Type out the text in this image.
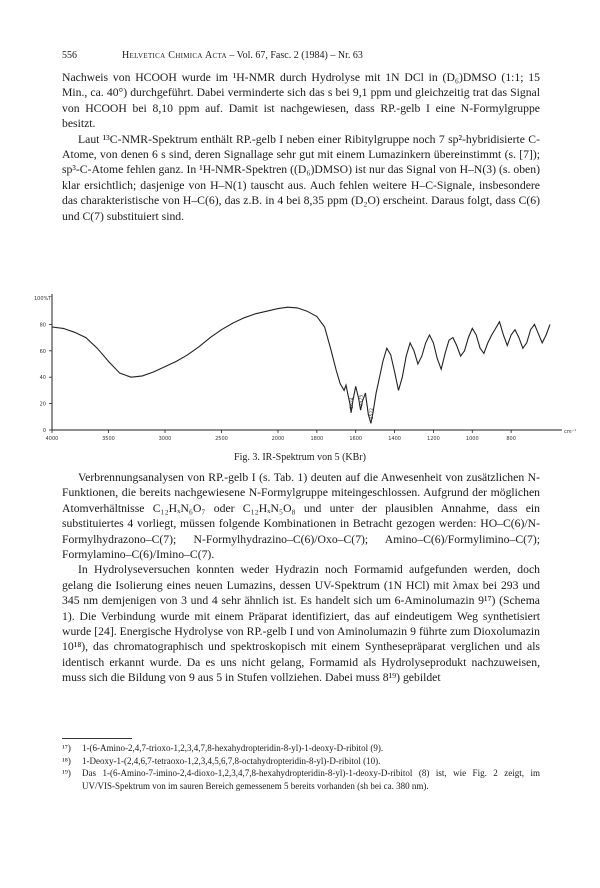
556	Helvetica Chimica Acta – Vol. 67, Fasc. 2 (1984) – Nr. 63

Nachweis von HCOOH wurde im ¹H-NMR durch Hydrolyse mit 1N DCl in (D₆)DMSO (1:1; 15 Min., ca. 40°) durchgeführt. Dabei verminderte sich das s bei 9,1 ppm und gleichzeitig trat das Signal von HCOOH bei 8,10 ppm auf. Damit ist nachgewiesen, dass RP.-gelb I eine N-Formylgruppe besitzt.

Laut ¹³C-NMR-Spektrum enthält RP.-gelb I neben einer Ribitylgruppe noch 7 sp²-hybridisierte C-Atome, von denen 6 s sind, deren Signallage sehr gut mit einem Lumazinkern übereinstimmt (s. [7]); sp³-C-Atome fehlen ganz. In ¹H-NMR-Spektren ((D₆)DMSO) ist nur das Signal von H–N(3) (s. oben) klar ersichtlich; dasjenige von H–N(1) tauscht aus. Auch fehlen weitere H–C-Signale, insbesondere das charakteristische von H–C(6), das z.B. in 4 bei 8,35 ppm (D₂O) erscheint. Daraus folgt, dass C(6) und C(7) substituiert sind.

100%T
80
60
40
20
0
4000	3500	3000	2500	2000	1800	1600	1400	1200	1000	800
cm⁻¹
1624 1575
1522
Fig. 3. IR-Spektrum von 5 (KBr)

Verbrennungsanalysen von RP.-gelb I (s. Tab. 1) deuten auf die Anwesenheit von zusätzlichen N-Funktionen, die bereits nachgewiesene N-Formylgruppe miteingeschlossen. Aufgrund der möglichen Atomverhältnisse C₁₂HₓN₆O₇ oder C₁₂HₓN₅O₈ und unter der plausiblen Annahme, dass ein substituiertes 4 vorliegt, müssen folgende Kombinationen in Betracht gezogen werden: HO–C(6)/N-Formylhydrazono–C(7); N-Formylhydrazino–C(6)/Oxo–C(7); Amino–C(6)/Formylimino–C(7); Formylamino–C(6)/Imino–C(7).

In Hydrolyseversuchen konnten weder Hydrazin noch Formamid aufgefunden werden, doch gelang die Isolierung eines neuen Lumazins, dessen UV-Spektrum (1N HCl) mit λmax bei 293 und 345 nm demjenigen von 3 und 4 sehr ähnlich ist. Es handelt sich um 6-Aminolumazin 9¹⁷) (Schema 1). Die Verbindung wurde mit einem Präparat identifiziert, das auf eindeutigem Weg synthetisiert wurde [24]. Energische Hydrolyse von RP.-gelb I und von Aminolumazin 9 führte zum Dioxolumazin 10¹⁸), das chromatographisch und spektroskopisch mit einem Synthesepräparat verglichen und als identisch erkannt wurde. Da es uns nicht gelang, Formamid als Hydrolyseprodukt nachzuweisen, muss sich die Bildung von 9 aus 5 in Stufen vollziehen. Dabei muss 8¹⁹) gebildet

¹⁷) 1-(6-Amino-2,4,7-trioxo-1,2,3,4,7,8-hexahydropteridin-8-yl)-1-deoxy-D-ribitol (9).
¹⁸) 1-Deoxy-1-(2,4,6,7-tetraoxo-1,2,3,4,5,6,7,8-octahydropteridin-8-yl)-D-ribitol (10).
¹⁹) Das 1-(6-Amino-7-imino-2,4-dioxo-1,2,3,4,7,8-hexahydropteridin-8-yl)-1-deoxy-D-ribitol (8) ist, wie Fig. 2 zeigt, im UV/VIS-Spektrum von im sauren Bereich gemessenem 5 bereits vorhanden (sh bei ca. 380 nm).
